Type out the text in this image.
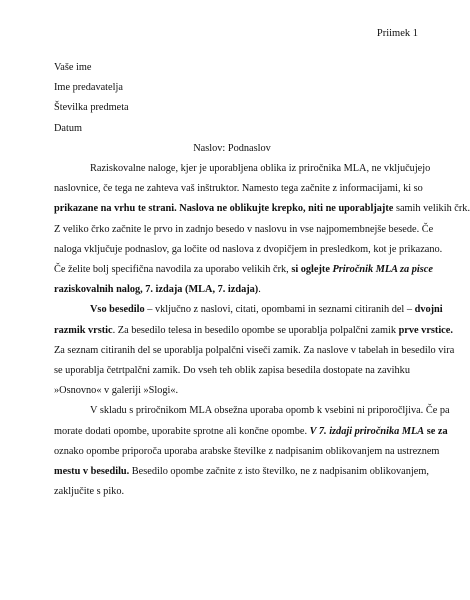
Priimek 1
Vaše ime
Ime predavatelja
Številka predmeta
Datum
Naslov: Podnaslov
Raziskovalne naloge, kjer je uporabljena oblika iz priročnika MLA, ne vključujejo
naslovnice, če tega ne zahteva vaš inštruktor. Namesto tega začnite z informacijami, ki so
prikazane na vrhu te strani. Naslova ne oblikujte krepko, niti ne uporabljajte samih velikih črk.
Z veliko črko začnite le prvo in zadnjo besedo v naslovu in vse najpomembnejše besede. Če
naloga vključuje podnaslov, ga ločite od naslova z dvopičjem in presledkom, kot je prikazano.
Če želite bolj specifična navodila za uporabo velikih črk, si oglejte Priročnik MLA za pisce
raziskovalnih nalog, 7. izdaja (MLA, 7. izdaja).
Vso besedilo – vključno z naslovi, citati, opombami in seznami citiranih del – dvojni
razmik vrstic. Za besedilo telesa in besedilo opombe se uporablja polpalčni zamik prve vrstice.
Za seznam citiranih del se uporablja polpalčni viseči zamik. Za naslove v tabelah in besedilo vira
se uporablja četrtpalčni zamik. Do vseh teh oblik zapisa besedila dostopate na zavihku
»Osnovno« v galeriji »Slogi«.
V skladu s priročnikom MLA obsežna uporaba opomb k vsebini ni priporočljiva. Če pa
morate dodati opombe, uporabite sprotne ali končne opombe. V 7. izdaji priročnika MLA se za
oznako opombe priporoča uporaba arabske številke z nadpisanim oblikovanjem na ustreznem
mestu v besedilu. Besedilo opombe začnite z isto številko, ne z nadpisanim oblikovanjem,
zaključite s piko.
